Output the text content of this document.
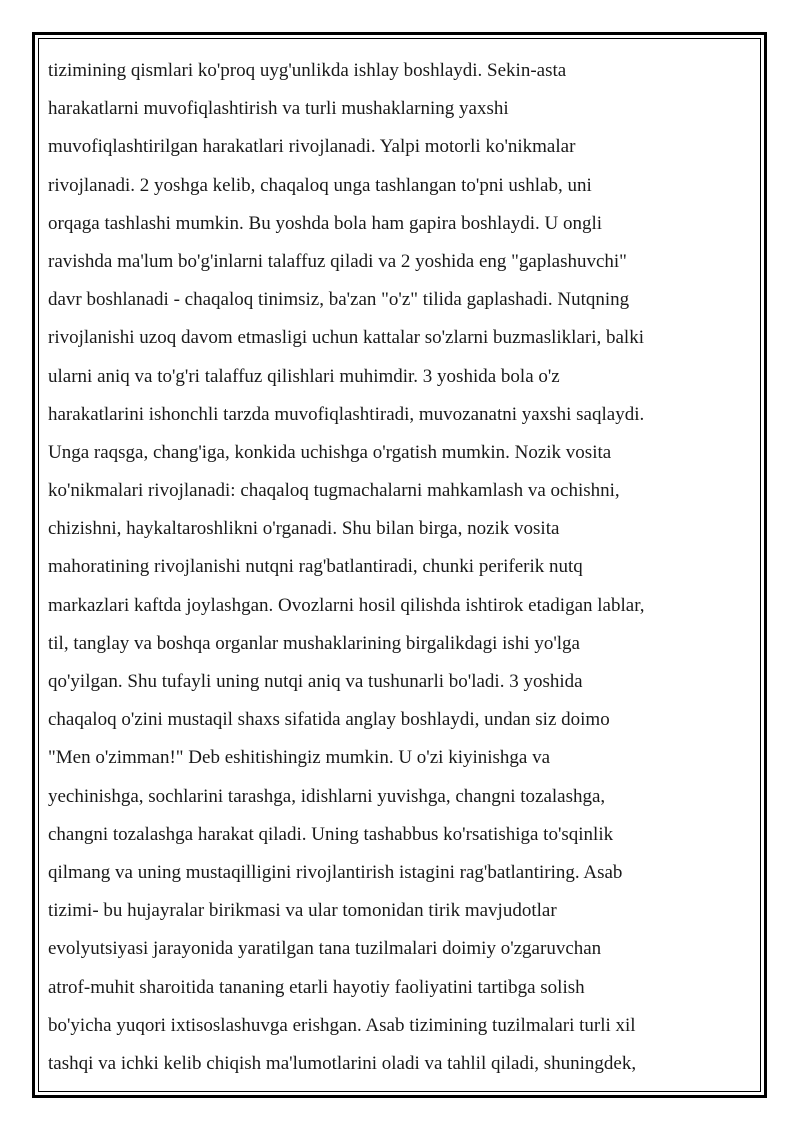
tizimining qismlari ko'proq uyg'unlikda ishlay boshlaydi. Sekin-asta
harakatlarni muvofiqlashtirish va turli mushaklarning yaxshi
muvofiqlashtirilgan harakatlari rivojlanadi. Yalpi motorli ko'nikmalar
rivojlanadi. 2 yoshga kelib, chaqaloq unga tashlangan to'pni ushlab, uni
orqaga tashlashi mumkin. Bu yoshda bola ham gapira boshlaydi. U ongli
ravishda ma'lum bo'g'inlarni talaffuz qiladi va 2 yoshida eng "gaplashuvchi"
davr boshlanadi - chaqaloq tinimsiz, ba'zan "o'z" tilida gaplashadi. Nutqning
rivojlanishi uzoq davom etmasligi uchun kattalar so'zlarni buzmasliklari, balki
ularni aniq va to'g'ri talaffuz qilishlari muhimdir. 3 yoshida bola o'z
harakatlarini ishonchli tarzda muvofiqlashtiradi, muvozanatni yaxshi saqlaydi.
Unga raqsga, chang'iga, konkida uchishga o'rgatish mumkin. Nozik vosita
ko'nikmalari rivojlanadi: chaqaloq tugmachalarni mahkamlash va ochishni,
chizishni, haykaltaroshlikni o'rganadi. Shu bilan birga, nozik vosita
mahoratining rivojlanishi nutqni rag'batlantiradi, chunki periferik nutq
markazlari kaftda joylashgan. Ovozlarni hosil qilishda ishtirok etadigan lablar,
til, tanglay va boshqa organlar mushaklarining birgalikdagi ishi yo'lga
qo'yilgan. Shu tufayli uning nutqi aniq va tushunarli bo'ladi. 3 yoshida
chaqaloq o'zini mustaqil shaxs sifatida anglay boshlaydi, undan siz doimo
"Men o'zimman!" Deb eshitishingiz mumkin. U o'zi kiyinishga va
yechinishga, sochlarini tarashga, idishlarni yuvishga, changni tozalashga,
changni tozalashga harakat qiladi. Uning tashabbus ko'rsatishiga to'sqinlik
qilmang va uning mustaqilligini rivojlantirish istagini rag'batlantiring. Asab
tizimi- bu hujayralar birikmasi va ular tomonidan tirik mavjudotlar
evolyutsiyasi jarayonida yaratilgan tana tuzilmalari doimiy o'zgaruvchan
atrof-muhit sharoitida tananing etarli hayotiy faoliyatini tartibga solish
bo'yicha yuqori ixtisoslashuvga erishgan. Asab tizimining tuzilmalari turli xil
tashqi va ichki kelib chiqish ma'lumotlarini oladi va tahlil qiladi, shuningdek,
